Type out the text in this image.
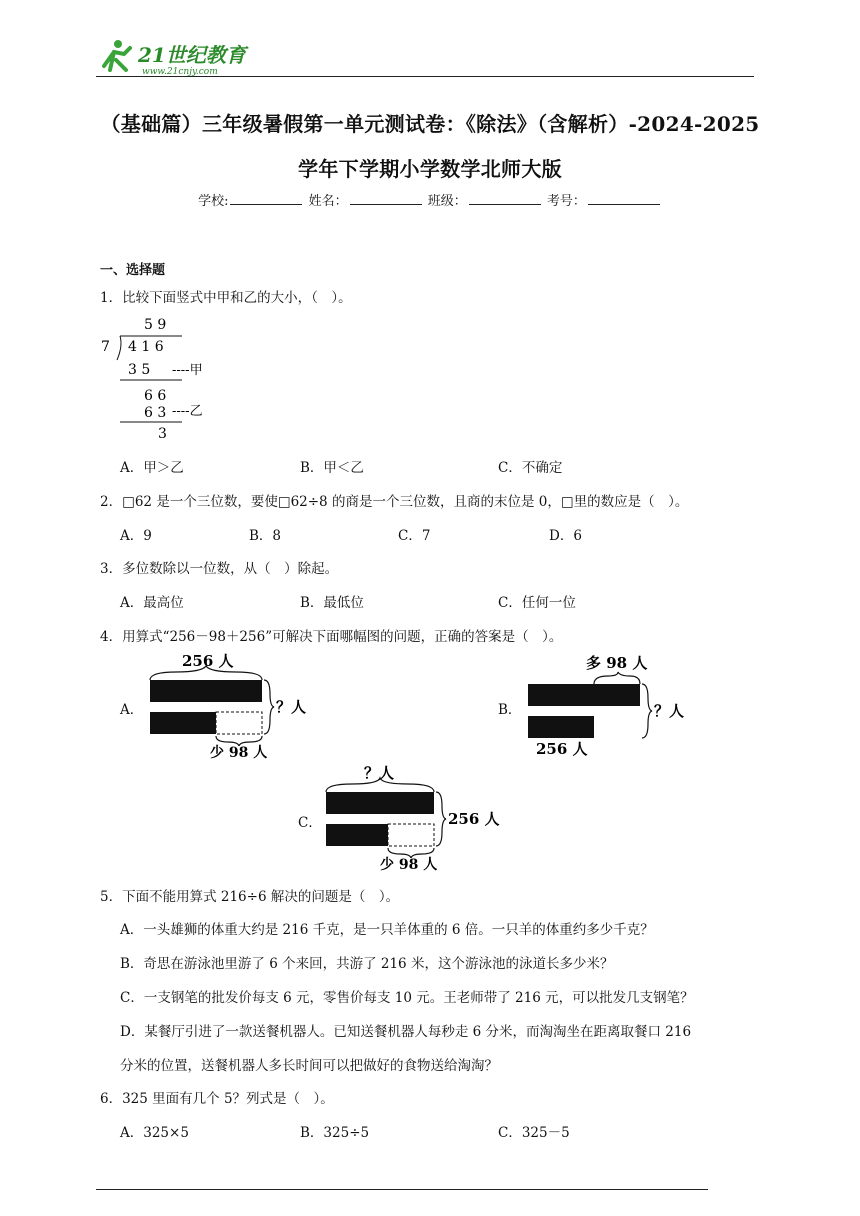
21世纪教育
www.21cnjy.com
（基础篇）三年级暑假第一单元测试卷：《除法》（含解析）-2024-2025
学年下学期小学数学北师大版
学校:	姓名：	班级：	考号：
一、选择题
1．比较下面竖式中甲和乙的大小，（　）。
5 9
7 4 1 6
3 5 ----甲
6 6
6 3 ----乙
3
A．甲＞乙	B．甲＜乙	C．不确定
2．□62 是一个三位数，要使□62÷8 的商是一个三位数，且商的末位是 0，□里的数应是（　）。
A．9	B．8	C．7	D．6
3．多位数除以一位数，从（　）除起。
A．最高位	B．最低位	C．任何一位
4．用算式“256－98＋256”可解决下面哪幅图的问题，正确的答案是（　）。
A．
256 人
？人
少 98 人
B．
多 98 人
？人
256 人
C．
？人
256 人
少 98 人
5．下面不能用算式 216÷6 解决的问题是（　）。
A．一头雄狮的体重大约是 216 千克，是一只羊体重的 6 倍。一只羊的体重约多少千克？
B．奇思在游泳池里游了 6 个来回，共游了 216 米，这个游泳池的泳道长多少米？
C．一支钢笔的批发价每支 6 元，零售价每支 10 元。王老师带了 216 元，可以批发几支钢笔？
D．某餐厅引进了一款送餐机器人。已知送餐机器人每秒走 6 分米，而淘淘坐在距离取餐口 216
分米的位置，送餐机器人多长时间可以把做好的食物送给淘淘？
6．325 里面有几个 5？列式是（　）。
A．325×5	B．325÷5	C．325－5
